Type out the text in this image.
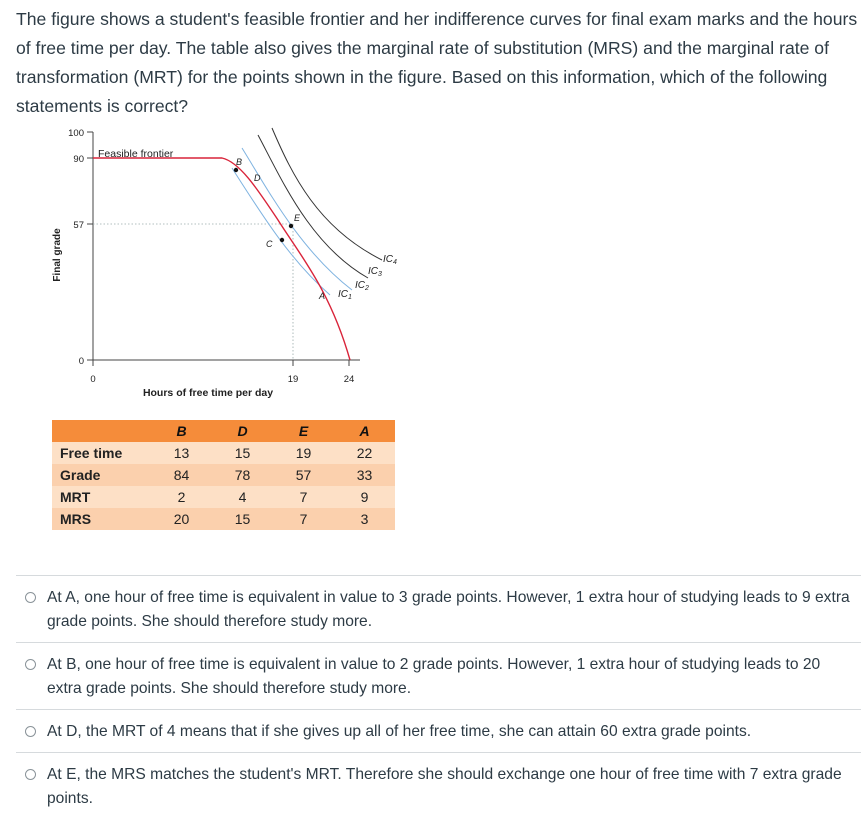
The figure shows a student's feasible frontier and her indifference curves for final exam marks and the hours of free time per day. The table also gives the marginal rate of substitution (MRS) and the marginal rate of transformation (MRT) for the points shown in the figure. Based on this information, which of the following statements is correct?
100
90
57
0
0	19	24
Final grade
Hours of free time per day
Feasible frontier
B
D
E
C
A
$IC_4$
$IC_3$
$IC_2$
$IC_1$
	B	D	E	A
Free time	13	15	19	22
Grade	84	78	57	33
MRT	2	4	7	9
MRS	20	15	7	3
At A, one hour of free time is equivalent in value to 3 grade points. However, 1 extra hour of studying leads to 9 extra grade points. She should therefore study more.
At B, one hour of free time is equivalent in value to 2 grade points. However, 1 extra hour of studying leads to 20 extra grade points. She should therefore study more.
At D, the MRT of 4 means that if she gives up all of her free time, she can attain 60 extra grade points.
At E, the MRS matches the student's MRT. Therefore she should exchange one hour of free time with 7 extra grade points.
